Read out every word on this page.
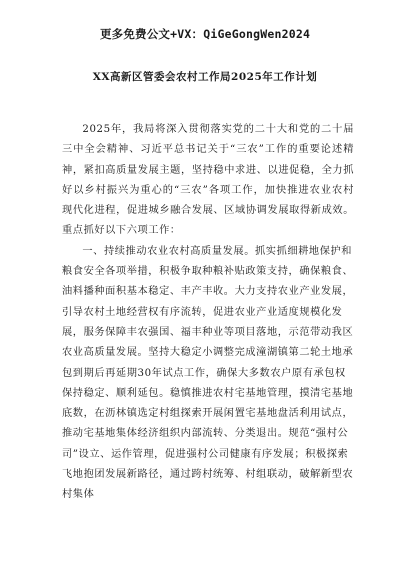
更多免费公文+VX：QiGeGongWen2024
XX高新区管委会农村工作局2025年工作计划

2025年，我局将深入贯彻落实党的二十大和党的二十届三中全会精神、习近平总书记关于“三农”工作的重要论述精神，紧扣高质量发展主题，坚持稳中求进、以进促稳，全力抓好以乡村振兴为重心的“三农”各项工作，加快推进农业农村现代化进程，促进城乡融合发展、区域协调发展取得新成效。重点抓好以下六项工作：

一、持续推动农业农村高质量发展。抓实抓细耕地保护和粮食安全各项举措，积极争取种粮补贴政策支持，确保粮食、油料播种面积基本稳定、丰产丰收。大力支持农业产业发展，引导农村土地经营权有序流转，促进农业产业适度规模化发展，服务保障丰农强国、福丰种业等项目落地，示范带动我区农业高质量发展。坚持大稳定小调整完成潼湖镇第二轮土地承包到期后再延期30年试点工作，确保大多数农户原有承包权保持稳定、顺利延包。稳慎推进农村宅基地管理，摸清宅基地底数，在沥林镇选定村组探索开展闲置宅基地盘活利用试点，推动宅基地集体经济组织内部流转、分类退出。规范“强村公司”设立、运作管理，促进强村公司健康有序发展；积极探索飞地抱团发展新路径，通过跨村统筹、村组联动，破解新型农村集体
